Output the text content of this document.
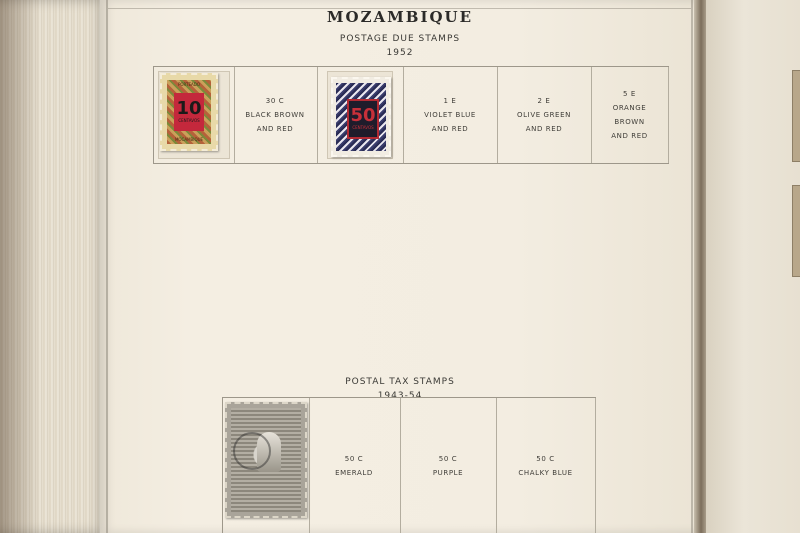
MOZAMBIQUE
POSTAGE DUE STAMPS
1952
PORTEADO
10
CENTAVOS
MOCAMBIQUE
30 C
BLACK BROWN
AND RED
50
CENTAVOS
1 E
VIOLET BLUE
AND RED
2 E
OLIVE GREEN
AND RED
5 E
ORANGE
BROWN
AND RED
POSTAL TAX STAMPS
1943-54
50 C
EMERALD
50 C
PURPLE
50 C
CHALKY BLUE
